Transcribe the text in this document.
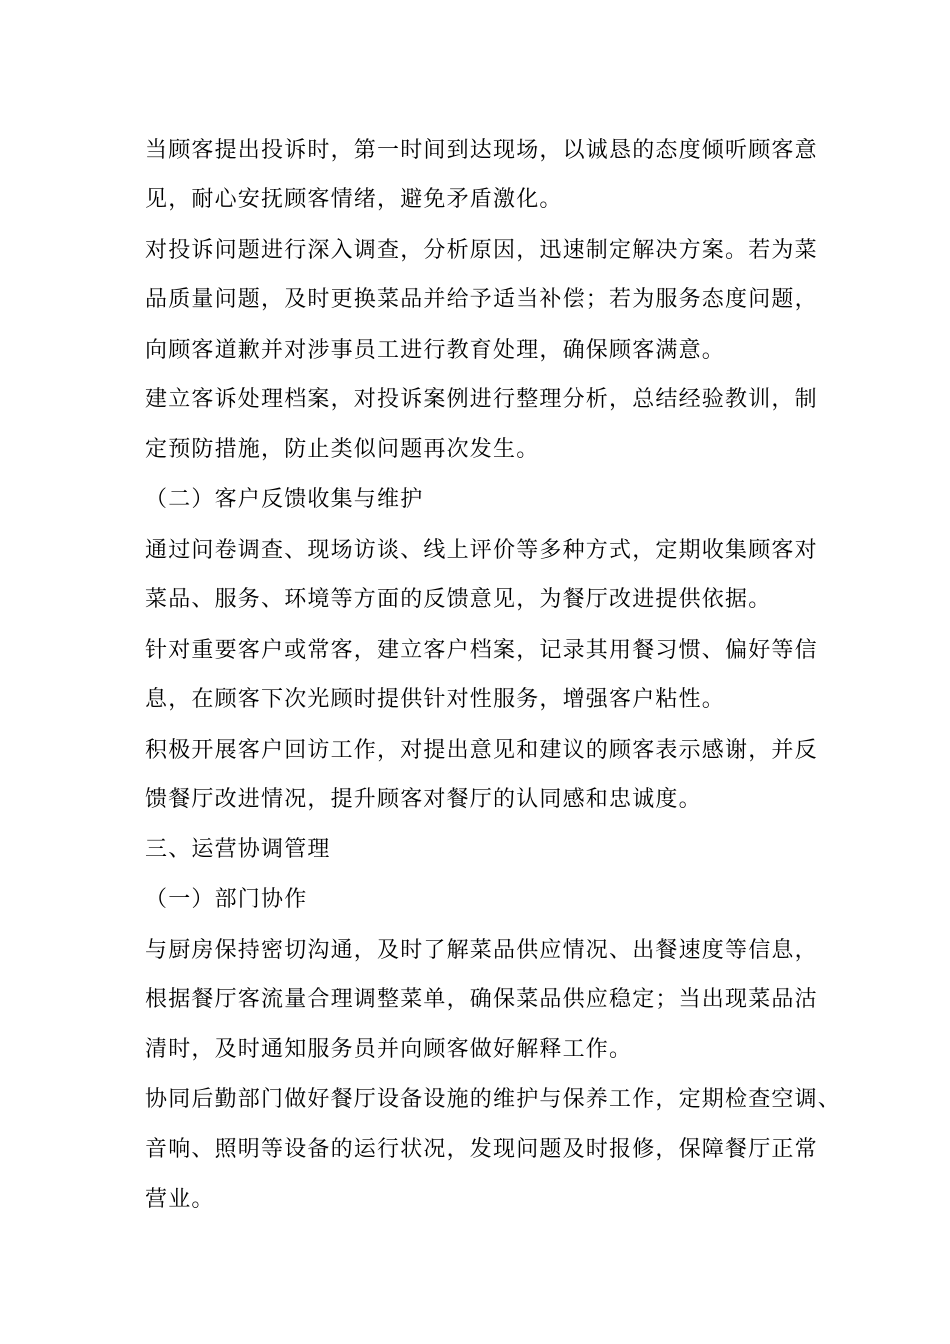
当顾客提出投诉时，第一时间到达现场，以诚恳的态度倾听顾客意
见，耐心安抚顾客情绪，避免矛盾激化。
对投诉问题进行深入调查，分析原因，迅速制定解决方案。若为菜
品质量问题，及时更换菜品并给予适当补偿；若为服务态度问题，
向顾客道歉并对涉事员工进行教育处理，确保顾客满意。
建立客诉处理档案，对投诉案例进行整理分析，总结经验教训，制
定预防措施，防止类似问题再次发生。
（二）客户反馈收集与维护
通过问卷调查、现场访谈、线上评价等多种方式，定期收集顾客对
菜品、服务、环境等方面的反馈意见，为餐厅改进提供依据。
针对重要客户或常客，建立客户档案，记录其用餐习惯、偏好等信
息，在顾客下次光顾时提供针对性服务，增强客户粘性。
积极开展客户回访工作，对提出意见和建议的顾客表示感谢，并反
馈餐厅改进情况，提升顾客对餐厅的认同感和忠诚度。
三、运营协调管理
（一）部门协作
与厨房保持密切沟通，及时了解菜品供应情况、出餐速度等信息，
根据餐厅客流量合理调整菜单，确保菜品供应稳定；当出现菜品沽
清时，及时通知服务员并向顾客做好解释工作。
协同后勤部门做好餐厅设备设施的维护与保养工作，定期检查空调、
音响、照明等设备的运行状况，发现问题及时报修，保障餐厅正常
营业。
